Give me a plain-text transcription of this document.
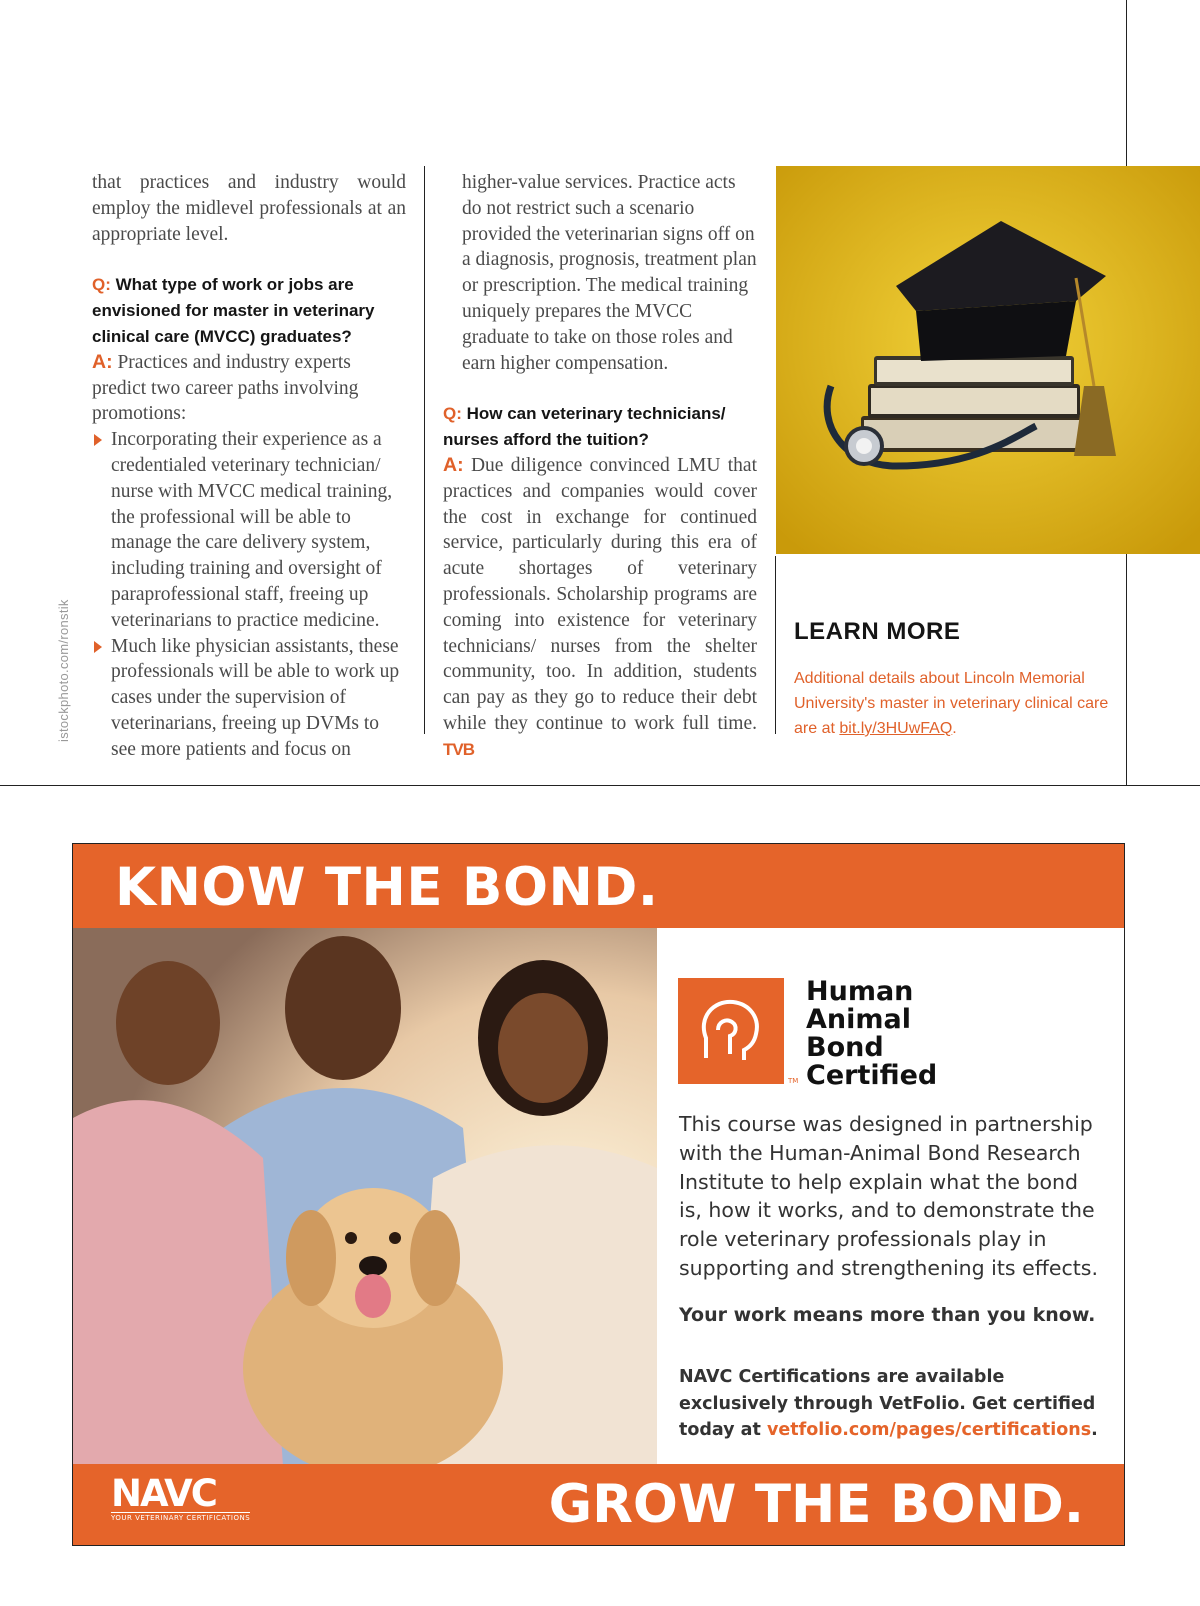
istockphoto.com/ronstik

that practices and industry would employ the midlevel professionals at an appropriate level.

Q: What type of work or jobs are envisioned for master in veterinary clinical care (MVCC) graduates?

A: Practices and industry experts predict two career paths involving promotions:

Incorporating their experience as a credentialed veterinary technician/ nurse with MVCC medical training, the professional will be able to manage the care delivery system, including training and oversight of paraprofessional staff, freeing up veterinarians to practice medicine.
Much like physician assistants, these professionals will be able to work up cases under the supervision of veterinarians, freeing up DVMs to see more patients and focus on

higher-value services. Practice acts do not restrict such a scenario provided the veterinarian signs off on a diagnosis, prognosis, treatment plan or prescription. The medical training uniquely prepares the MVCC graduate to take on those roles and earn higher compensation.

Q: How can veterinary technicians/ nurses afford the tuition?

A: Due diligence convinced LMU that practices and companies would cover the cost in exchange for continued service, particularly during this era of acute shortages of veterinary professionals. Scholarship programs are coming into existence for veterinary technicians/ nurses from the shelter community, too. In addition, students can pay as they go to reduce their debt while they continue to work full time. TVB

LEARN MORE
Additional details about Lincoln Memorial University's master in veterinary clinical care are at bit.ly/3HUwFAQ.
KNOW THE BOND.
TM
Human
Animal
Bond
Certified
This course was designed in partnership with the Human-Animal Bond Research Institute to help explain what the bond is, how it works, and to demonstrate the role veterinary professionals play in supporting and strengthening its effects.
Your work means more than you know.
NAVC Certifications are available exclusively through VetFolio. Get certified today at vetfolio.com/pages/certifications.
NAVC
YOUR VETERINARY CERTIFICATIONS	GROW THE BOND.
